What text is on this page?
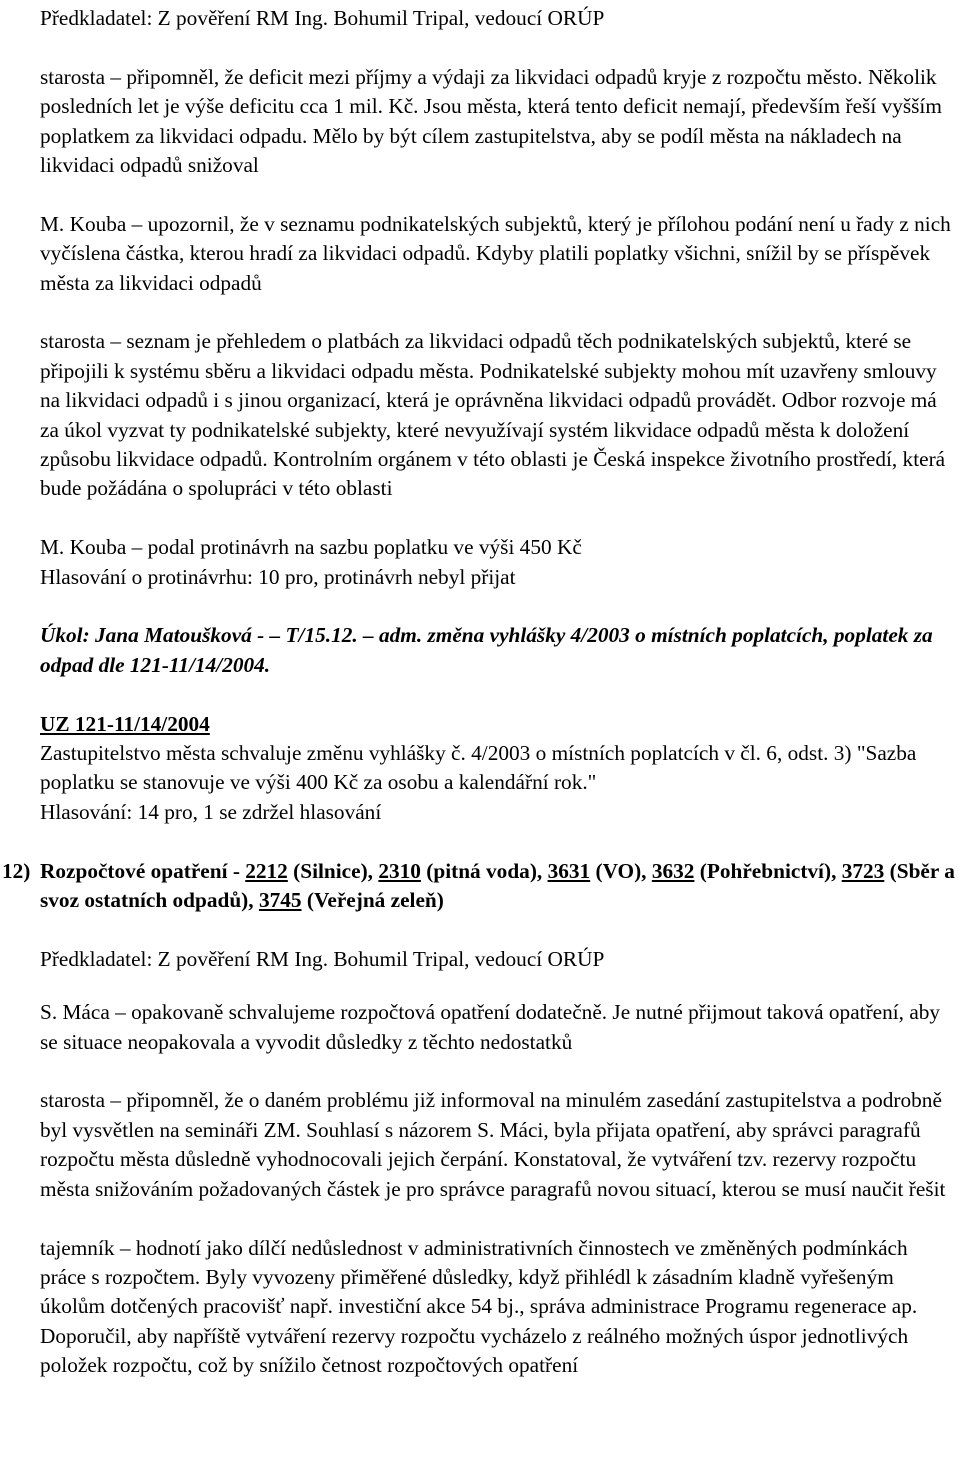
Předkladatel: Z pověření RM Ing. Bohumil Tripal, vedoucí ORÚP

starosta – připomněl, že deficit mezi příjmy a výdaji za likvidaci odpadů kryje z rozpočtu město. Několik posledních let je výše deficitu cca 1 mil. Kč. Jsou města, která tento deficit nemají, především řeší vyšším poplatkem za likvidaci odpadu. Mělo by být cílem zastupitelstva, aby se podíl města na nákladech na likvidaci odpadů snižoval

M. Kouba – upozornil, že v seznamu podnikatelských subjektů, který je přílohou podání není u řady z nich vyčíslena částka, kterou hradí za likvidaci odpadů. Kdyby platili poplatky všichni, snížil by se příspěvek města za likvidaci odpadů

starosta – seznam je přehledem o platbách za likvidaci odpadů těch podnikatelských subjektů, které se připojili k systému sběru a likvidaci odpadu města. Podnikatelské subjekty mohou mít uzavřeny smlouvy na likvidaci odpadů i s jinou organizací, která je oprávněna likvidaci odpadů provádět. Odbor rozvoje má za úkol vyzvat ty podnikatelské subjekty, které nevyužívají systém likvidace odpadů města k doložení způsobu likvidace odpadů. Kontrolním orgánem v této oblasti je Česká inspekce životního prostředí, která bude požádána o spolupráci v této oblasti

M. Kouba – podal protinávrh na sazbu poplatku ve výši 450 Kč

Hlasování o protinávrhu: 10 pro, protinávrh nebyl přijat

Úkol: Jana Matoušková - – T/15.12. – adm. změna vyhlášky 4/2003 o místních poplatcích, poplatek za odpad dle 121-11/14/2004.

UZ 121-11/14/2004

Zastupitelstvo města schvaluje změnu vyhlášky č. 4/2003 o místních poplatcích v čl. 6, odst. 3) "Sazba poplatku se stanovuje ve výši 400 Kč za osobu a kalendářní rok."

Hlasování: 14 pro, 1 se zdržel hlasování

12) Rozpočtové opatření - 2212 (Silnice), 2310 (pitná voda), 3631 (VO), 3632 (Pohřebnictví), 3723 (Sběr a svoz ostatních odpadů), 3745 (Veřejná zeleň)

Předkladatel: Z pověření RM Ing. Bohumil Tripal, vedoucí ORÚP

S. Máca – opakovaně schvalujeme rozpočtová opatření dodatečně. Je nutné přijmout taková opatření, aby se situace neopakovala a vyvodit důsledky z těchto nedostatků

starosta – připomněl, že o daném problému již informoval na minulém zasedání zastupitelstva a podrobně byl vysvětlen na semináři ZM. Souhlasí s názorem S. Máci, byla přijata opatření, aby správci paragrafů rozpočtu města důsledně vyhodnocovali jejich čerpání. Konstatoval, že vytváření tzv. rezervy rozpočtu města snižováním požadovaných částek je pro správce paragrafů novou situací, kterou se musí naučit řešit

tajemník – hodnotí jako dílčí nedůslednost v administrativních činnostech ve změněných podmínkách práce s rozpočtem. Byly vyvozeny přiměřené důsledky, když přihlédl k zásadním kladně vyřešeným úkolům dotčených pracovišť např. investiční akce 54 bj., správa administrace Programu regenerace ap. Doporučil, aby napříště vytváření rezervy rozpočtu vycházelo z reálného možných úspor jednotlivých položek rozpočtu, což by snížilo četnost rozpočtových opatření
